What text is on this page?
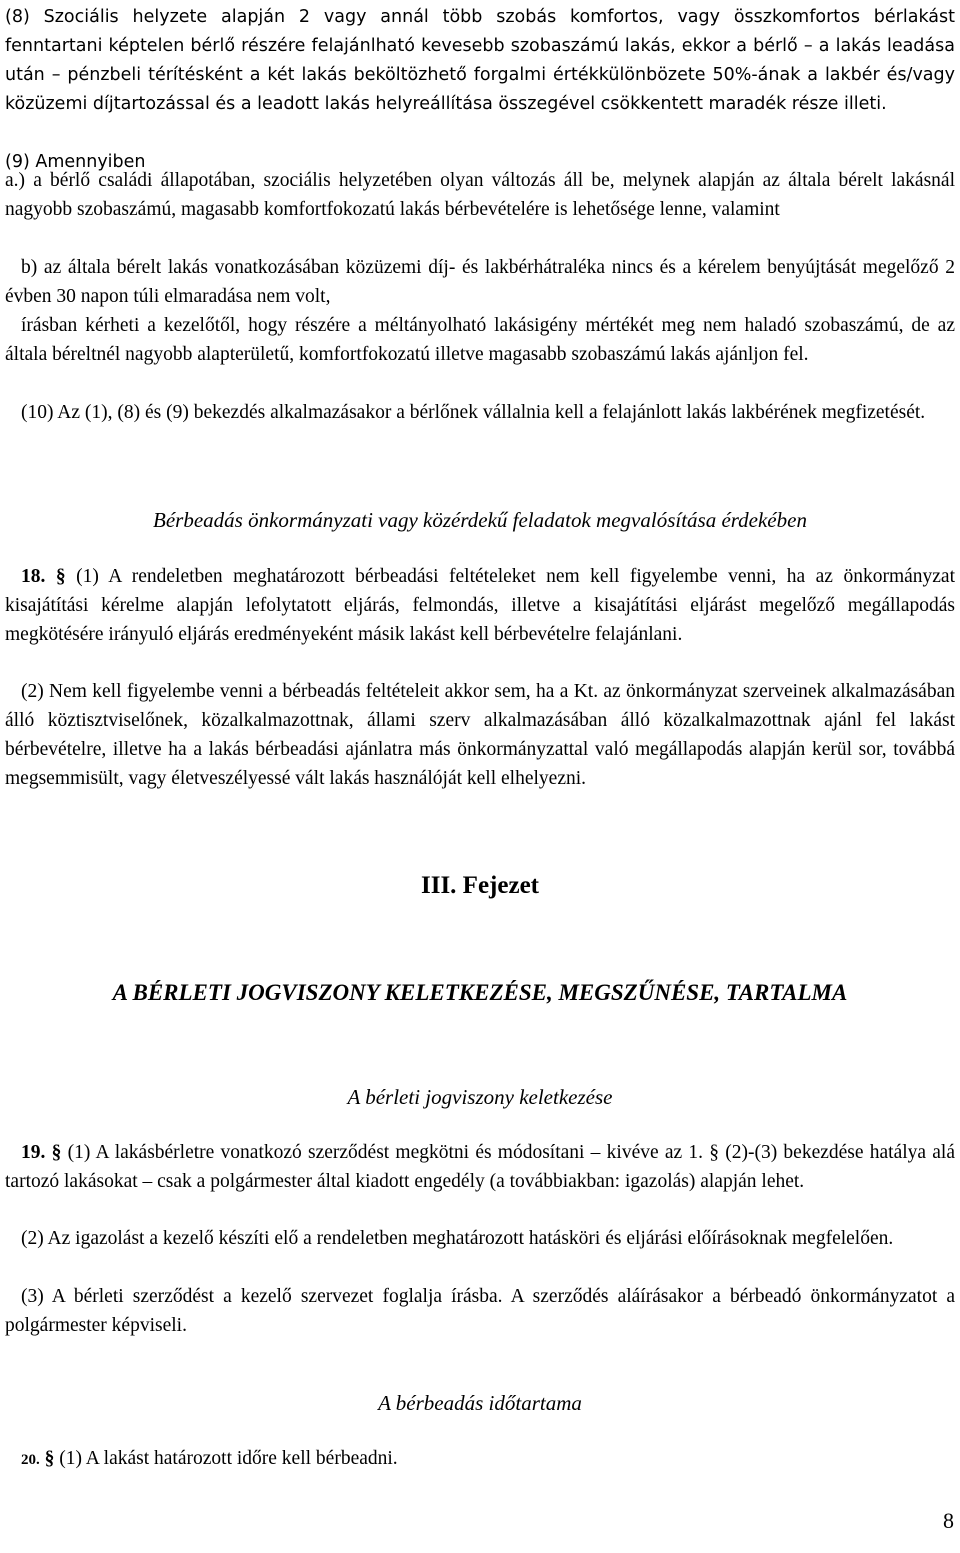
(8) Szociális helyzete alapján 2 vagy annál több szobás komfortos, vagy összkomfortos bérlakást fenntartani képtelen bérlő részére felajánlható kevesebb szobaszámú lakás, ekkor a bérlő – a lakás leadása után – pénzbeli térítésként a két lakás beköltözhető forgalmi értékkülönbözete 50%-ának a lakbér és/vagy közüzemi díjtartozással és a leadott lakás helyreállítása összegével csökkentett maradék része illeti.

(9) Amennyiben

a.) a bérlő családi állapotában, szociális helyzetében olyan változás áll be, melynek alapján az általa bérelt lakásnál nagyobb szobaszámú, magasabb komfortfokozatú lakás bérbevételére is lehetősége lenne, valamint

b) az általa bérelt lakás vonatkozásában közüzemi díj- és lakbérhátraléka nincs és a kérelem benyújtását megelőző 2 évben 30 napon túli elmaradása nem volt,

írásban kérheti a kezelőtől, hogy részére a méltányolható lakásigény mértékét meg nem haladó szobaszámú, de az általa béreltnél nagyobb alapterületű, komfortfokozatú illetve magasabb szobaszámú lakás ajánljon fel.

(10) Az (1), (8) és (9) bekezdés alkalmazásakor a bérlőnek vállalnia kell a felajánlott lakás lakbérének megfizetését.

Bérbeadás önkormányzati vagy közérdekű feladatok megvalósítása érdekében

18. § (1) A rendeletben meghatározott bérbeadási feltételeket nem kell figyelembe venni, ha az önkormányzat kisajátítási kérelme alapján lefolytatott eljárás, felmondás, illetve a kisajátítási eljárást megelőző megállapodás megkötésére irányuló eljárás eredményeként másik lakást kell bérbevételre felajánlani.

(2) Nem kell figyelembe venni a bérbeadás feltételeit akkor sem, ha a Kt. az önkormányzat szerveinek alkalmazásában álló köztisztviselőnek, közalkalmazottnak, állami szerv alkalmazásában álló közalkalmazottnak ajánl fel lakást bérbevételre, illetve ha a lakás bérbeadási ajánlatra más önkormányzattal való megállapodás alapján kerül sor, továbbá megsemmisült, vagy életveszélyessé vált lakás használóját kell elhelyezni.

III. Fejezet

A BÉRLETI JOGVISZONY KELETKEZÉSE, MEGSZŰNÉSE, TARTALMA

A bérleti jogviszony keletkezése

19. § (1) A lakásbérletre vonatkozó szerződést megkötni és módosítani – kivéve az 1. § (2)-(3) bekezdése hatálya alá tartozó lakásokat – csak a polgármester által kiadott engedély (a továbbiakban: igazolás) alapján lehet.

(2) Az igazolást a kezelő készíti elő a rendeletben meghatározott hatásköri és eljárási előírásoknak megfelelően.

(3) A bérleti szerződést a kezelő szervezet foglalja írásba. A szerződés aláírásakor a bérbeadó önkormányzatot a polgármester képviseli.

A bérbeadás időtartama

20. § (1) A lakást határozott időre kell bérbeadni.

8
